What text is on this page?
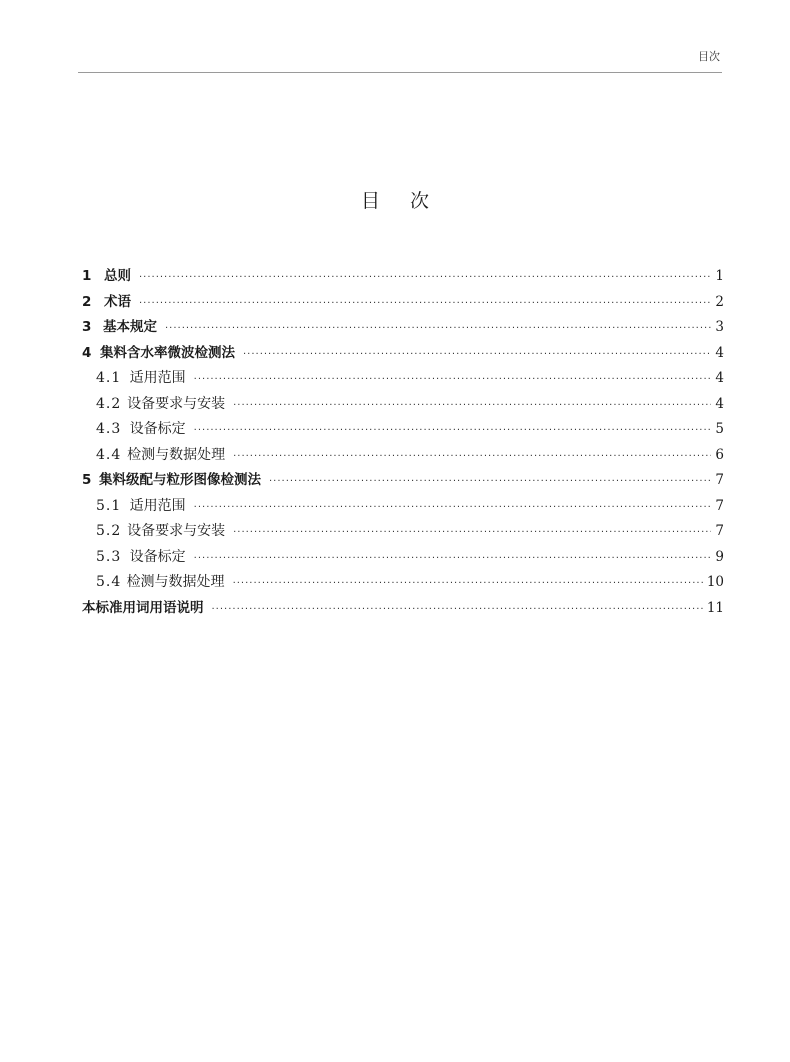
目次
目次
1 总则 ·····	1
2 术语 ·····	2
3 基本规定 ·····	3
4 集料含水率微波检测法 ·····	4
4.1 适用范围 ·····	4
4.2 设备要求与安装 ·····	4
4.3 设备标定 ·····	5
4.4 检测与数据处理 ·····	6
5 集料级配与粒形图像检测法 ·····	7
5.1 适用范围 ·····	7
5.2 设备要求与安装 ·····	7
5.3 设备标定 ·····	9
5.4 检测与数据处理 ·····	10
本标准用词用语说明 ·····	11
